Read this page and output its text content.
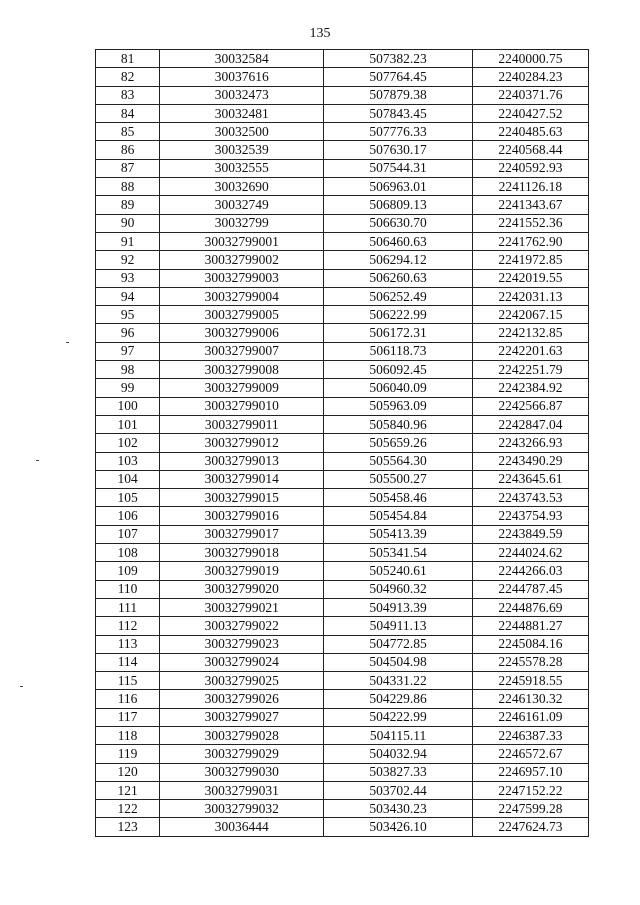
135
81	30032584	507382.23	2240000.75
82	30037616	507764.45	2240284.23
83	30032473	507879.38	2240371.76
84	30032481	507843.45	2240427.52
85	30032500	507776.33	2240485.63
86	30032539	507630.17	2240568.44
87	30032555	507544.31	2240592.93
88	30032690	506963.01	2241126.18
89	30032749	506809.13	2241343.67
90	30032799	506630.70	2241552.36
91	30032799001	506460.63	2241762.90
92	30032799002	506294.12	2241972.85
93	30032799003	506260.63	2242019.55
94	30032799004	506252.49	2242031.13
95	30032799005	506222.99	2242067.15
96	30032799006	506172.31	2242132.85
97	30032799007	506118.73	2242201.63
98	30032799008	506092.45	2242251.79
99	30032799009	506040.09	2242384.92
100	30032799010	505963.09	2242566.87
101	30032799011	505840.96	2242847.04
102	30032799012	505659.26	2243266.93
103	30032799013	505564.30	2243490.29
104	30032799014	505500.27	2243645.61
105	30032799015	505458.46	2243743.53
106	30032799016	505454.84	2243754.93
107	30032799017	505413.39	2243849.59
108	30032799018	505341.54	2244024.62
109	30032799019	505240.61	2244266.03
110	30032799020	504960.32	2244787.45
111	30032799021	504913.39	2244876.69
112	30032799022	504911.13	2244881.27
113	30032799023	504772.85	2245084.16
114	30032799024	504504.98	2245578.28
115	30032799025	504331.22	2245918.55
116	30032799026	504229.86	2246130.32
117	30032799027	504222.99	2246161.09
118	30032799028	504115.11	2246387.33
119	30032799029	504032.94	2246572.67
120	30032799030	503827.33	2246957.10
121	30032799031	503702.44	2247152.22
122	30032799032	503430.23	2247599.28
123	30036444	503426.10	2247624.73
